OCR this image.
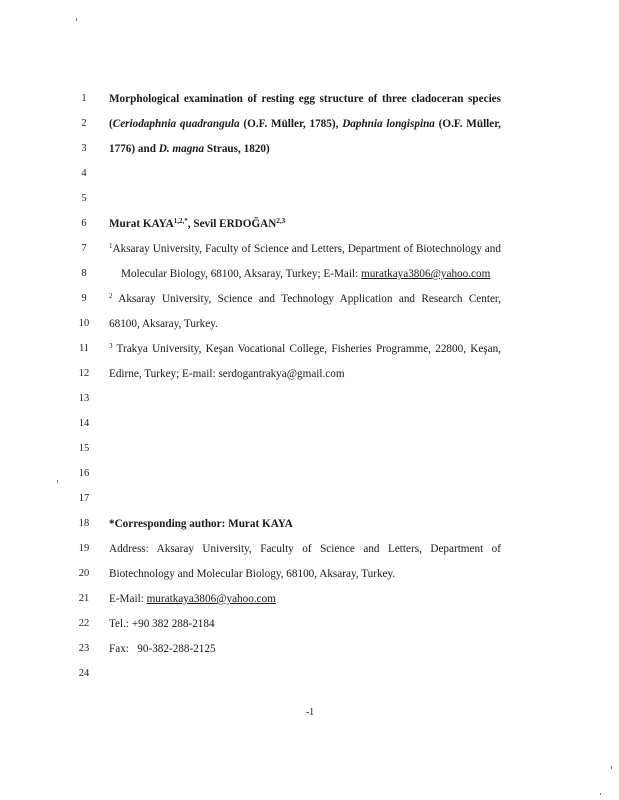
1	Morphological examination of resting egg structure of three cladoceran species
2	(Ceriodaphnia quadrangula (O.F. Müller, 1785), Daphnia longispina (O.F. Müller,
3	1776) and D. magna Straus, 1820)
4
5
6	Murat $KAYA^{1,2,*}$, Sevil ERDOĞAN$^{2,3}$
7	$^1$Aksaray University, Faculty of Science and Letters, Department of Biotechnology and
8	Molecular Biology, 68100, Aksaray, Turkey; E-Mail: muratkaya3806@yahoo.com
9	$^2$ Aksaray University, Science and Technology Application and Research Center,
10	68100, Aksaray, Turkey.
11	$^3$ Trakya University, Keşan Vocational College, Fisheries Programme, 22800, Keşan,
12	Edirne, Turkey; E-mail: serdogantrakya@gmail.com
13
14
15
16
17
18	*Corresponding author: Murat KAYA
19	Address: Aksaray University, Faculty of Science and Letters, Department of
20	Biotechnology and Molecular Biology, 68100, Aksaray, Turkey.
21	E-Mail: muratkaya3806@yahoo.com
22	Tel.: +90 382 288-2184
23	Fax:   90-382-288-2125
24
-1
